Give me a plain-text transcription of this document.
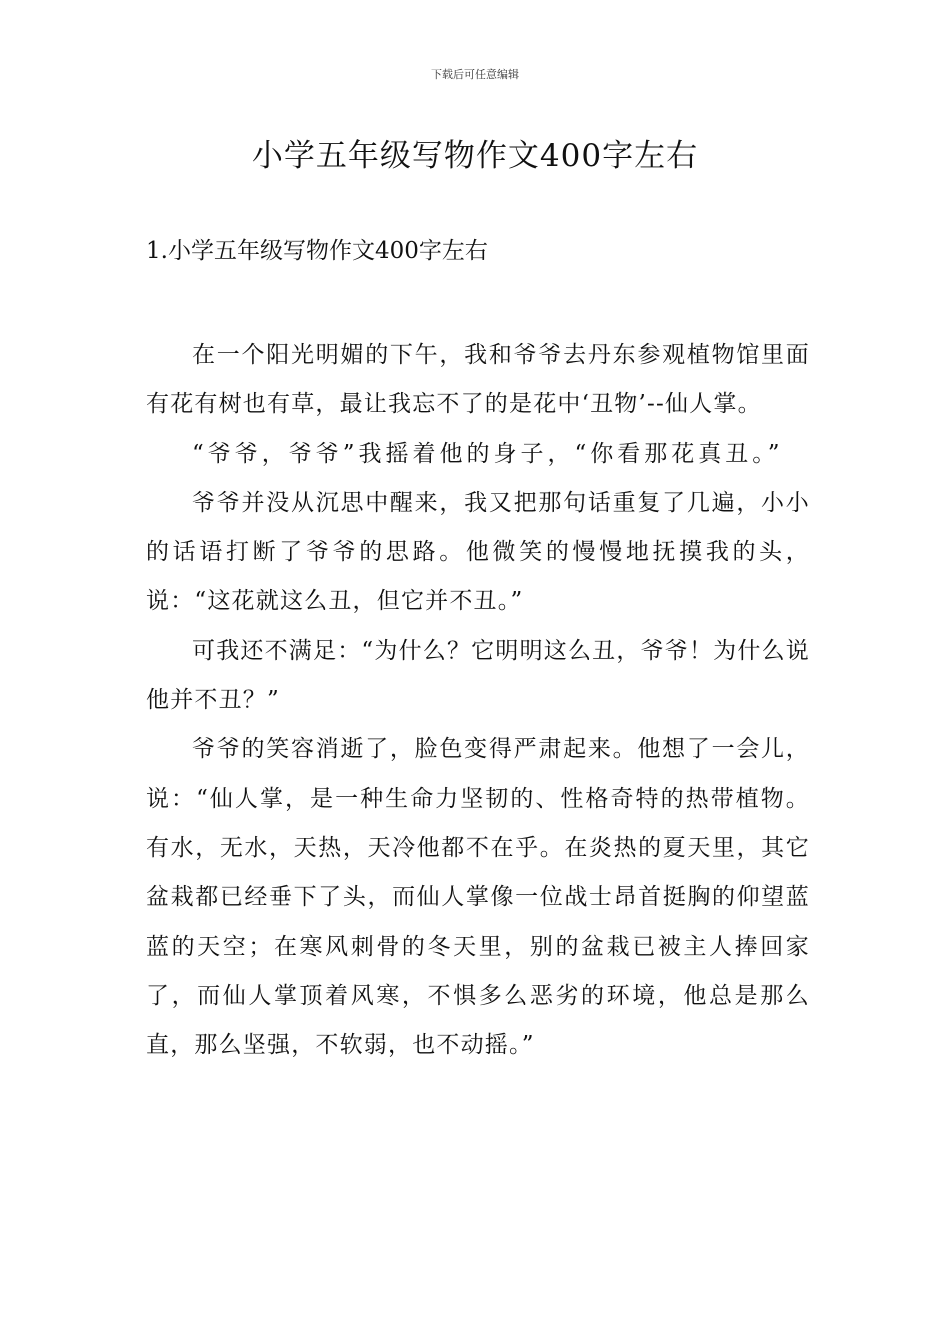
下载后可任意编辑
小学五年级写物作文400字左右
1.小学五年级写物作文400字左右

在一个阳光明媚的下午，我和爷爷去丹东参观植物馆里面有花有树也有草，最让我忘不了的是花中‘丑物’--仙人掌。

“爷爷，爷爷”我摇着他的身子，“你看那花真丑。”

爷爷并没从沉思中醒来，我又把那句话重复了几遍，小小的话语打断了爷爷的思路。他微笑的慢慢地抚摸我的头，说：“这花就这么丑，但它并不丑。”

可我还不满足：“为什么？它明明这么丑，爷爷！为什么说他并不丑？”

爷爷的笑容消逝了，脸色变得严肃起来。他想了一会儿，说：“仙人掌，是一种生命力坚韧的、性格奇特的热带植物。有水，无水，天热，天冷他都不在乎。在炎热的夏天里，其它盆栽都已经垂下了头，而仙人掌像一位战士昂首挺胸的仰望蓝蓝的天空；在寒风刺骨的冬天里，别的盆栽已被主人捧回家了，而仙人掌顶着风寒，不惧多么恶劣的环境，他总是那么直，那么坚强，不软弱，也不动摇。”
